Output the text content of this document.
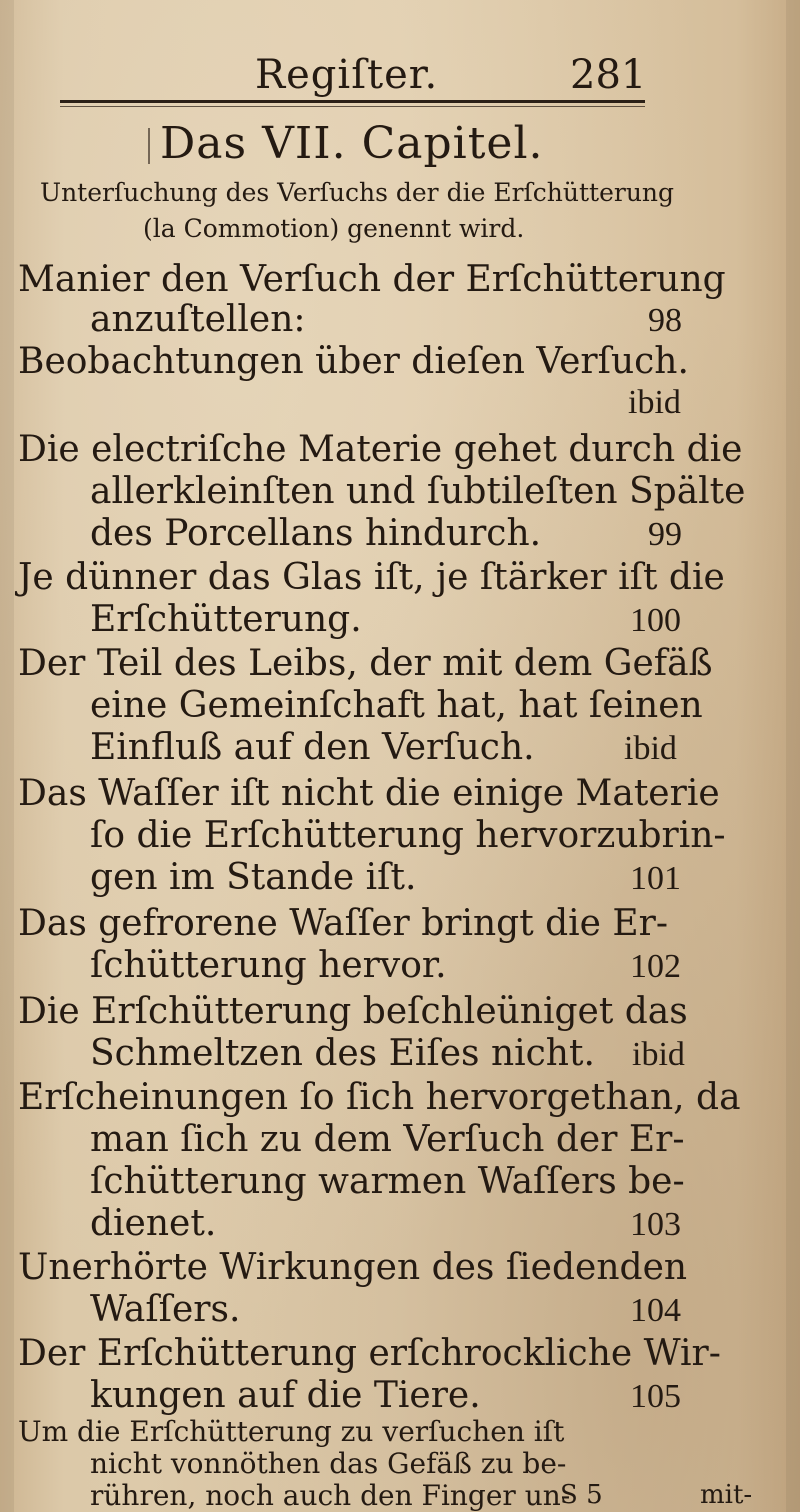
Regiſter.	281
Das VII. Capitel.
Unterſuchung des Verſuchs der die Erſchütterung
(la Commotion) genennt wird.
Manier den Verſuch der Erſchütterung
anzuſtellen:	98
Beobachtungen über dieſen Verſuch.
ibid
Die electriſche Materie gehet durch die
allerkleinſten und ſubtileſten Spälte
des Porcellans hindurch.	99
Je dünner das Glas iſt, je ſtärker iſt die
Erſchütterung.	100
Der Teil des Leibs, der mit dem Gefäß
eine Gemeinſchaft hat, hat ſeinen
Einfluß auf den Verſuch.	ibid
Das Waſſer iſt nicht die einige Materie
ſo die Erſchütterung hervorzubrin-
gen im Stande iſt.	101
Das gefrorene Waſſer bringt die Er-
ſchütterung hervor.	102
Die Erſchütterung beſchleüniget das
Schmeltzen des Eiſes nicht. ibid
Erſcheinungen ſo ſich hervorgethan, da
man ſich zu dem Verſuch der Er-
ſchütterung warmen Waſſers be-
dienet.	103
Unerhörte Wirkungen des ſiedenden
Waſſers.	104
Der Erſchütterung erſchrockliche Wir-
kungen auf die Tiere.	105
S 5	mit-
Um die Erſchütterung zu verſuchen iſt
nicht vonnöthen das Gefäß zu be-
rühren, noch auch den Finger un-
